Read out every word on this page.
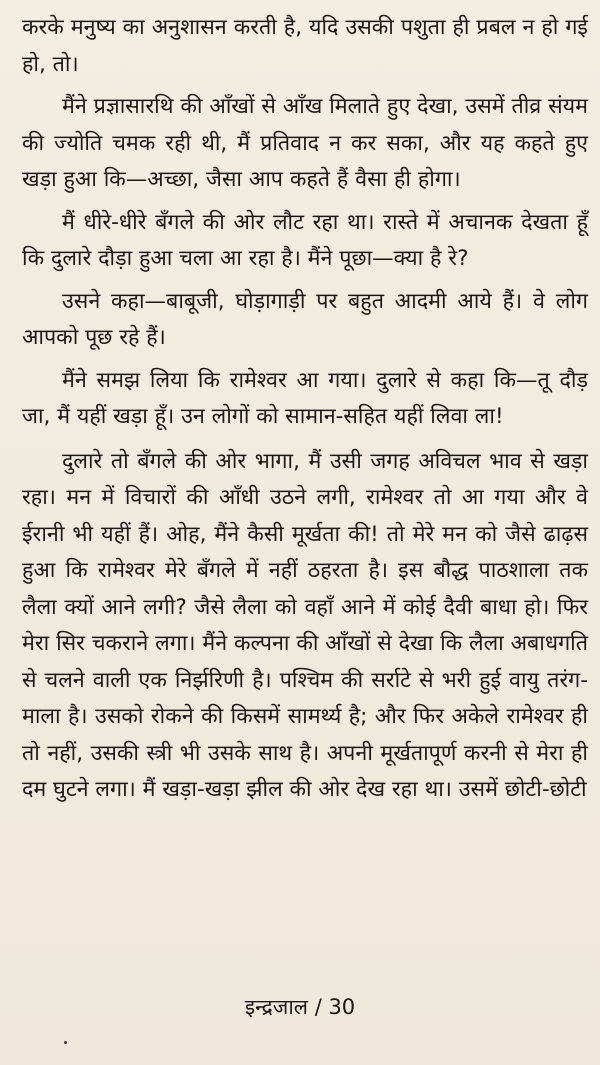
करके मनुष्य का अनुशासन करती है, यदि उसकी पशुता ही प्रबल न हो गई हो, तो।

मैंने प्रज्ञासारथि की आँखों से आँख मिलाते हुए देखा, उसमें तीव्र संयम की ज्योति चमक रही थी, मैं प्रतिवाद न कर सका, और यह कहते हुए खड़ा हुआ कि—अच्छा, जैसा आप कहते हैं वैसा ही होगा।

मैं धीरे-धीरे बँगले की ओर लौट रहा था। रास्ते में अचानक देखता हूँ कि दुलारे दौड़ा हुआ चला आ रहा है। मैंने पूछा—क्या है रे?

उसने कहा—बाबूजी, घोड़ागाड़ी पर बहुत आदमी आये हैं। वे लोग आपको पूछ रहे हैं।

मैंने समझ लिया कि रामेश्वर आ गया। दुलारे से कहा कि—तू दौड़ जा, मैं यहीं खड़ा हूँ। उन लोगों को सामान-सहित यहीं लिवा ला!

दुलारे तो बँगले की ओर भागा, मैं उसी जगह अविचल भाव से खड़ा रहा। मन में विचारों की आँधी उठने लगी, रामेश्वर तो आ गया और वे ईरानी भी यहीं हैं। ओह, मैंने कैसी मूर्खता की! तो मेरे मन को जैसे ढाढ़स हुआ कि रामेश्वर मेरे बँगले में नहीं ठहरता है। इस बौद्ध पाठशाला तक लैला क्यों आने लगी? जैसे लैला को वहाँ आने में कोई दैवी बाधा हो। फिर मेरा सिर चकराने लगा। मैंने कल्पना की आँखों से देखा कि लैला अबाधगति से चलने वाली एक निर्झरिणी है। पश्चिम की सर्राटे से भरी हुई वायु तरंग-माला है। उसको रोकने की किसमें सामर्थ्य है; और फिर अकेले रामेश्वर ही तो नहीं, उसकी स्त्री भी उसके साथ है। अपनी मूर्खतापूर्ण करनी से मेरा ही दम घुटने लगा। मैं खड़ा-खड़ा झील की ओर देख रहा था। उसमें छोटी-छोटी

इन्द्रजाल / 30
